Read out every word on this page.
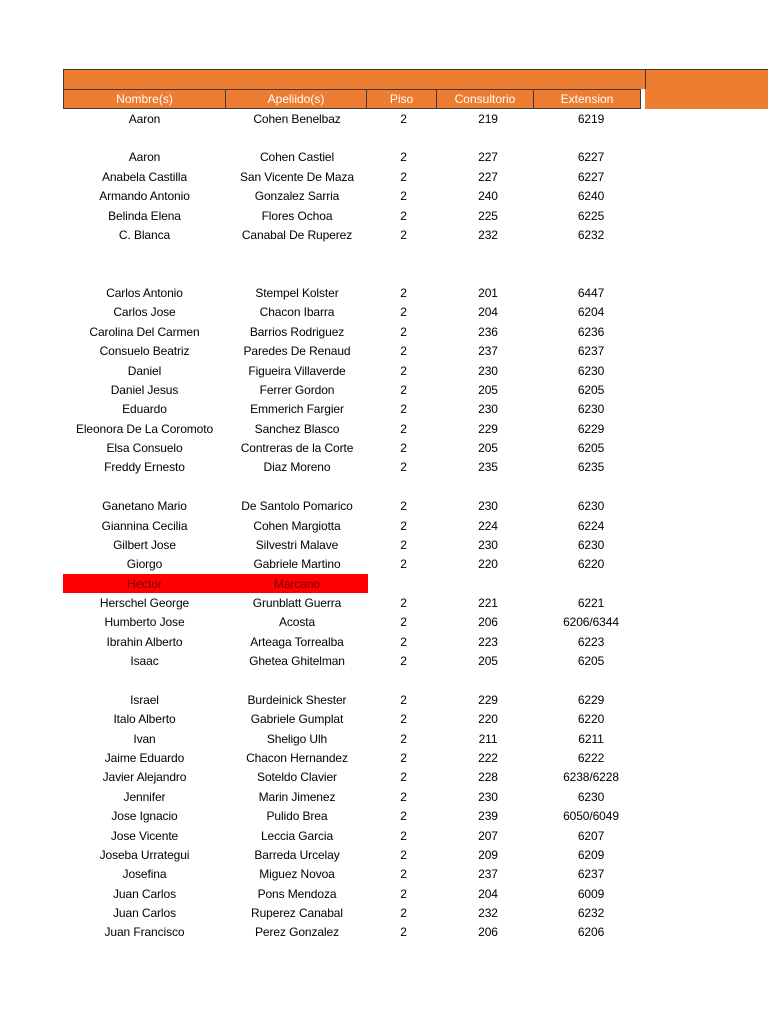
Nombre(s)	Apeliido(s)	Piso	Consultorio	Extension
Aaron	Cohen Benelbaz	2	219	6219
Aaron	Cohen Castiel	2	227	6227
Anabela Castilla	San Vicente De Maza	2	227	6227
Armando Antonio	Gonzalez Sarria	2	240	6240
Belinda Elena	Flores Ochoa	2	225	6225
C. Blanca	Canabal De Ruperez	2	232	6232
Carlos Antonio	Stempel Kolster	2	201	6447
Carlos Jose	Chacon Ibarra	2	204	6204
Carolina Del Carmen	Barrios Rodriguez	2	236	6236
Consuelo Beatriz	Paredes De Renaud	2	237	6237
Daniel	Figueira Villaverde	2	230	6230
Daniel Jesus	Ferrer Gordon	2	205	6205
Eduardo	Emmerich Fargier	2	230	6230
Eleonora De La Coromoto	Sanchez Blasco	2	229	6229
Elsa Consuelo	Contreras de la Corte	2	205	6205
Freddy Ernesto	Diaz Moreno	2	235	6235
Ganetano Mario	De Santolo Pomarico	2	230	6230
Giannina Cecilia	Cohen Margiotta	2	224	6224
Gilbert Jose	Silvestri Malave	2	230	6230
Giorgo	Gabriele Martino	2	220	6220
Hector	Marcano
Herschel George	Grunblatt Guerra	2	221	6221
Humberto Jose	Acosta	2	206	6206/6344
Ibrahin Alberto	Arteaga Torrealba	2	223	6223
Isaac	Ghetea Ghitelman	2	205	6205
Israel	Burdeinick Shester	2	229	6229
Italo Alberto	Gabriele Gumplat	2	220	6220
Ivan	Sheligo Ulh	2	211	6211
Jaime Eduardo	Chacon Hernandez	2	222	6222
Javier Alejandro	Soteldo Clavier	2	228	6238/6228
Jennifer	Marin Jimenez	2	230	6230
Jose Ignacio	Pulido Brea	2	239	6050/6049
Jose Vicente	Leccia Garcia	2	207	6207
Joseba Urrategui	Barreda Urcelay	2	209	6209
Josefina	Miguez Novoa	2	237	6237
Juan Carlos	Pons Mendoza	2	204	6009
Juan Carlos	Ruperez Canabal	2	232	6232
Juan Francisco	Perez Gonzalez	2	206	6206
